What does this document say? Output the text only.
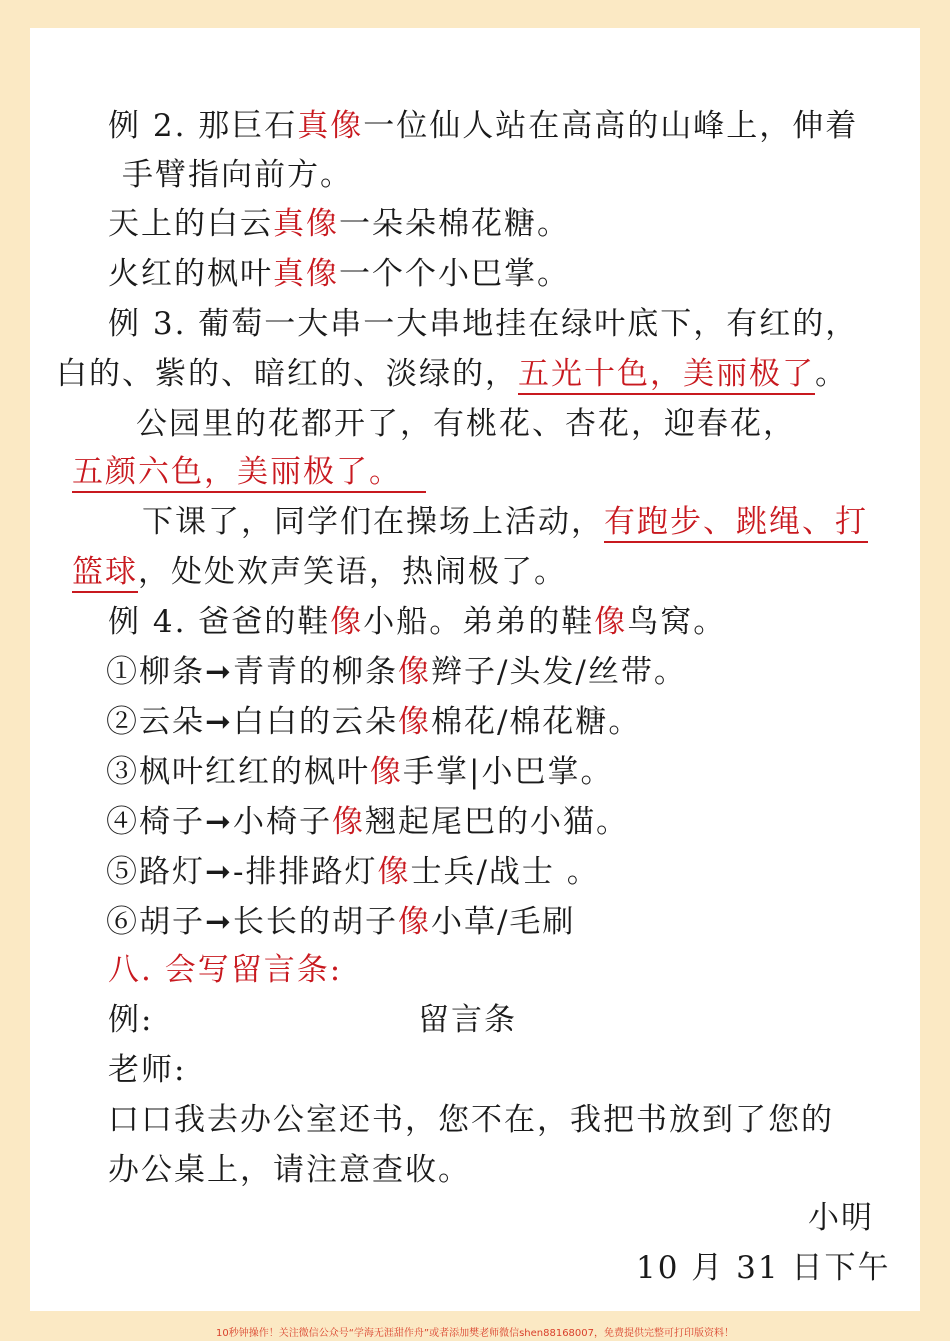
例 2. 那巨石真像一位仙人站在高高的山峰上，伸着
手臂指向前方。
天上的白云真像一朵朵棉花糖。
火红的枫叶真像一个个小巴掌。
例 3. 葡萄一大串一大串地挂在绿叶底下，有红的，
白的、紫的、暗红的、淡绿的，五光十色，美丽极了。
公园里的花都开了，有桃花、杏花，迎春花，
五颜六色，美丽极了。
下课了，同学们在操场上活动，有跑步、跳绳、打
篮球，处处欢声笑语，热闹极了。
例 4. 爸爸的鞋像小船。弟弟的鞋像鸟窝。
①柳条➞青青的柳条像辫子/头发/丝带。
②云朵➞白白的云朵像棉花/棉花糖。
③枫叶红红的枫叶像手掌|小巴掌。
④椅子➞小椅子像翘起尾巴的小猫。
⑤路灯➞-排排路灯像士兵/战士 。
⑥胡子➞长长的胡子像小草/毛刷
八. 会写留言条:
例:	留言条
老师:
口口我去办公室还书，您不在，我把书放到了您的
办公桌上，请注意查收。
小明
10 月 31 日下午
10秒钟操作！关注微信公众号“学海无涯甜作舟”或者添加樊老师微信shen88168007，免费提供完整可打印版资料！
